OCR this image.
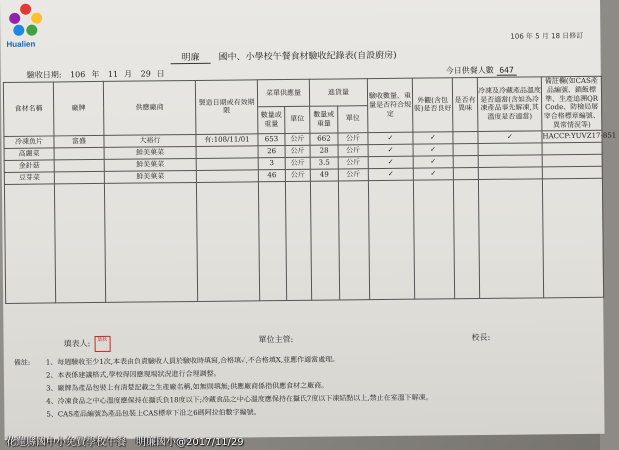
Hualien
106 年 5 月 18 日修訂
明廉 國中、小學校午餐食材驗收紀錄表(自設廚房)
驗收日期: 106 年 11 月 29 日	今日供餐人數 647
食材名稱	廠牌	供應廠商	製造日期或有效期限	菜單供應量		進貨量		驗收數量、重量是否符合規定	外觀(含包裝)是否良好	是否有異味	冷凍及冷藏產品溫度是否適當(含如為冷凍產品事先解凍,其溫度是否適當)	備註欄(如CAS產品編號、鎖飯標準、生產追溯QR Code、防檢局屠宰合格標章編號、異常情況等)
				數量或重量	單位	數量或重量	單位					
冷凍魚片	富盛	大裕行	有:108/11/01	653	公斤	662	公斤	✓	✓		✓	HACCP:YUVZ17-851
高麗菜		鮮美菓菜		26	公斤	28	公斤	✓	✓			
金針菇		鮮美菓菜		3	公斤	3.5	公斤	✓	✓			
豆芽菜		鮮美菓菜		46	公斤	49	公斤	✓	✓			

填表人: 葉秋	單位主管:	校長:
備註: 1、每週驗收至少1次,本表由負責驗收人員於驗收時填寫,合格填✓,不合格填X,並應作適當處理。
2、本表係建議格式,學校得因應現場狀況進行合理調整。
3、廠牌為產品包裝上有清楚記載之生產廠名稱,如無則填無;供應廠商係指供應食材之廠商。
4、冷凍食品之中心溫度應保持在攝氏負18度以下;冷藏食品之中心溫度應保持在攝氏7度以下凍結點以上,禁止在室溫下解凍。
5、CAS產品編號為產品包裝上CAS標章下沿之6碼阿拉伯數字編號。
花蓮縣國中小免費學校午餐　明廉國小@2017/11/29
